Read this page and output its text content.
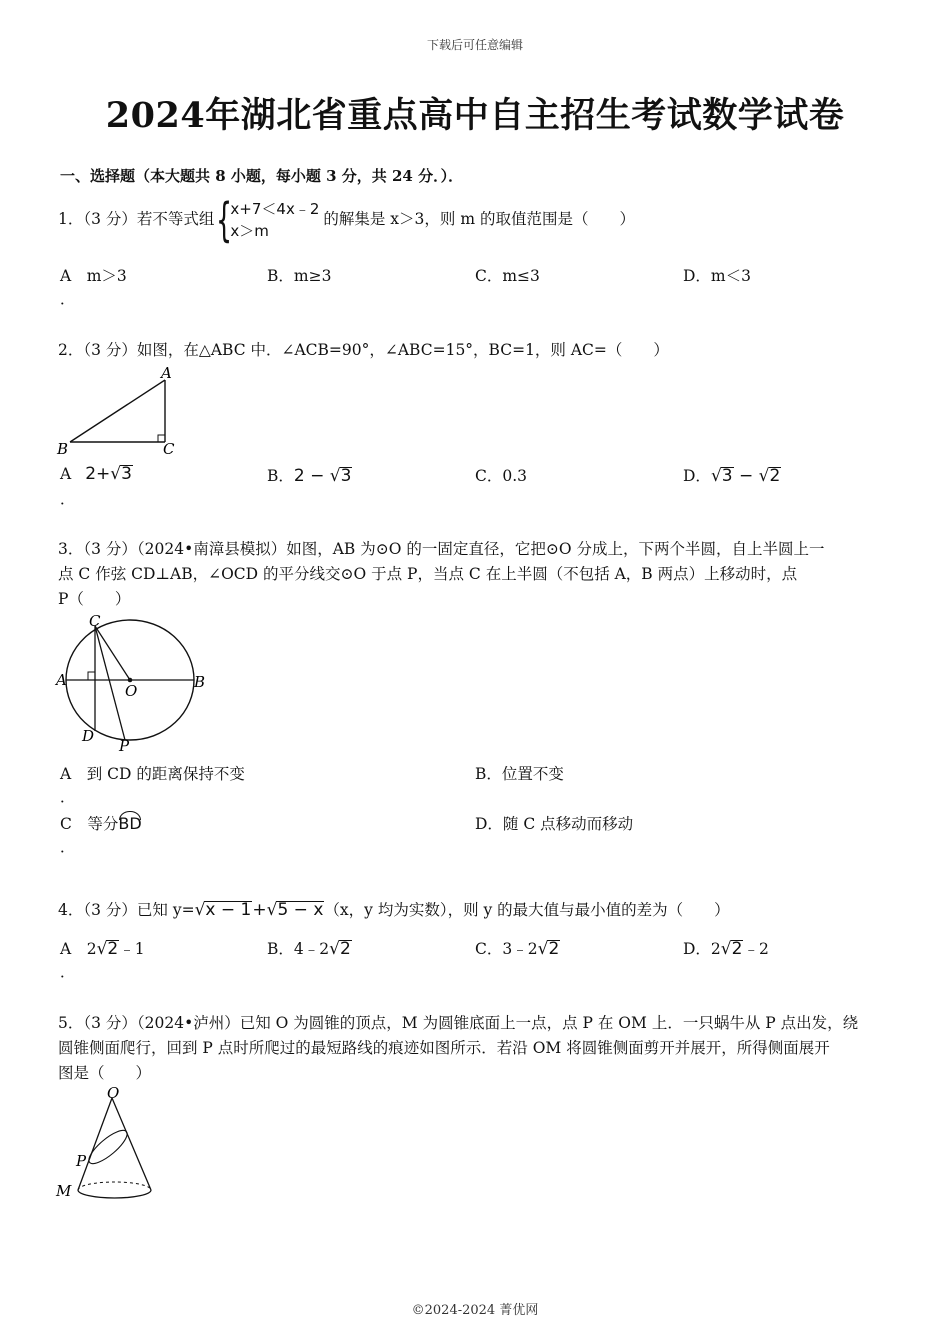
下载后可任意编辑
2024年湖北省重点高中自主招生考试数学试卷
一、选择题（本大题共 8 小题，每小题 3 分，共 24 分．）．
1．（3 分）若不等式组 {
x+7＜4x﹣2
x＞m
的解集是 x＞3，则 m 的取值范围是（　　）
A　m＞3	B．m≥3	C．m≤3	D．m＜3
．
2．（3 分）如图，在△ABC 中．∠ACB=90°，∠ABC=15°，BC=1，则 AC=（　　）
A
B	C
A 2+√3	B．2 − √3	C．0.3	D．√3 − √2
．
3．（3 分）（2024•南漳县模拟）如图，AB 为⊙O 的一固定直径，它把⊙O 分成上，下两个半圆，自上半圆上一
点 C 作弦 CD⊥AB，∠OCD 的平分线交⊙O 于点 P，当点 C 在上半圆（不包括 A，B 两点）上移动时，点
P（　　）
C
A	B
O
D
P
A　到 CD 的距离保持不变	B．位置不变
．
C　等分BD	D．随 C 点移动而移动
．
4．（3 分）已知 y=√x − 1+√5 − x（x，y 均为实数），则 y 的最大值与最小值的差为（　　）
A　2√2﹣1	B．4﹣2√2	C．3﹣2√2	D．2√2﹣2
．
5．（3 分）（2024•泸州）已知 O 为圆锥的顶点，M 为圆锥底面上一点，点 P 在 OM 上．一只蜗牛从 P 点出发，绕
圆锥侧面爬行，回到 P 点时所爬过的最短路线的痕迹如图所示．若沿 OM 将圆锥侧面剪开并展开，所得侧面展开
图是（　　）
O
P
M
©2024-2024 菁优网
